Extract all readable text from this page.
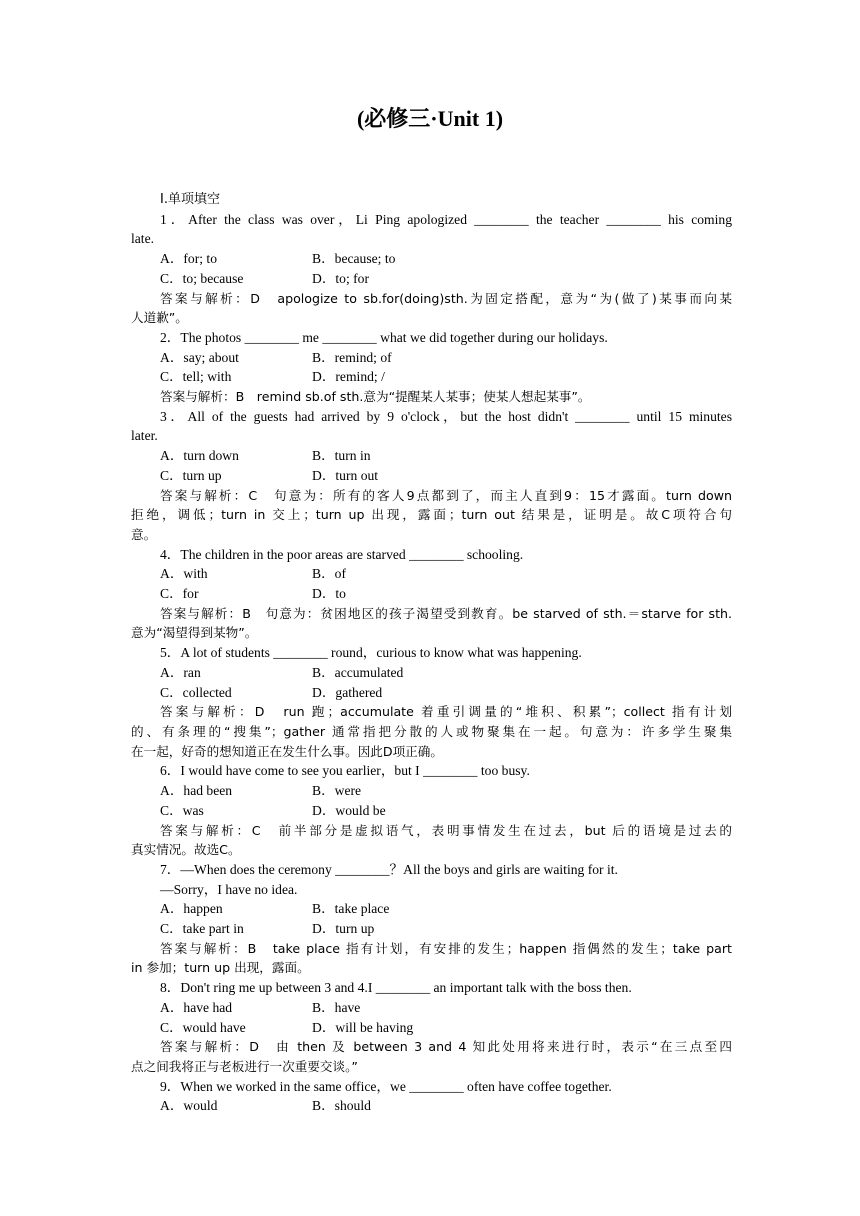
(必修三·Unit 1)
Ⅰ.单项填空
1．After the class was over，Li Ping apologized ________ the teacher ________ his coming
late.
A．for; to	B．because; to
C．to; because	D．to; for
答案与解析：D　apologize to sb.for(doing)sth.为固定搭配，意为“为(做了)某事而向某
人道歉”。
2．The photos ________ me ________ what we did together during our holidays.
A．say; about	B．remind; of
C．tell; with	D．remind; /
答案与解析：B　remind sb.of sth.意为“提醒某人某事；使某人想起某事”。
3．All of the guests had arrived by 9 o'clock，but the host didn't ________ until 15 minutes
later.
A．turn down	B．turn in
C．turn up	D．turn out
答案与解析：C　句意为：所有的客人9点都到了，而主人直到9：15才露面。turn down
拒绝，调低；turn in 交上；turn up 出现，露面；turn out 结果是，证明是。故C项符合句
意。
4．The children in the poor areas are starved ________ schooling.
A．with	B．of
C．for	D．to
答案与解析：B　句意为：贫困地区的孩子渴望受到教育。be starved of sth.＝starve for sth.
意为“渴望得到某物”。
5．A lot of students ________ round，curious to know what was happening.
A．ran	B．accumulated
C．collected	D．gathered
答案与解析：D　run 跑；accumulate 着重引调量的“堆积、积累”；collect 指有计划
的、有条理的“搜集”；gather 通常指把分散的人或物聚集在一起。句意为：许多学生聚集
在一起，好奇的想知道正在发生什么事。因此D项正确。
6．I would have come to see you earlier，but I ________ too busy.
A．had been	B．were
C．was	D．would be
答案与解析：C　前半部分是虚拟语气，表明事情发生在过去，but 后的语境是过去的
真实情况。故选C。
7．—When does the ceremony ________？All the boys and girls are waiting for it.
—Sorry，I have no idea.
A．happen	B．take place
C．take part in	D．turn up
答案与解析：B　take place 指有计划，有安排的发生；happen 指偶然的发生；take part
in 参加；turn up 出现，露面。
8．Don't ring me up between 3 and 4.I ________ an important talk with the boss then.
A．have had	B．have
C．would have	D．will be having
答案与解析：D　由 then 及 between 3 and 4 知此处用将来进行时，表示“在三点至四
点之间我将正与老板进行一次重要交谈。”
9．When we worked in the same office，we ________ often have coffee together.
A．would	B．should
